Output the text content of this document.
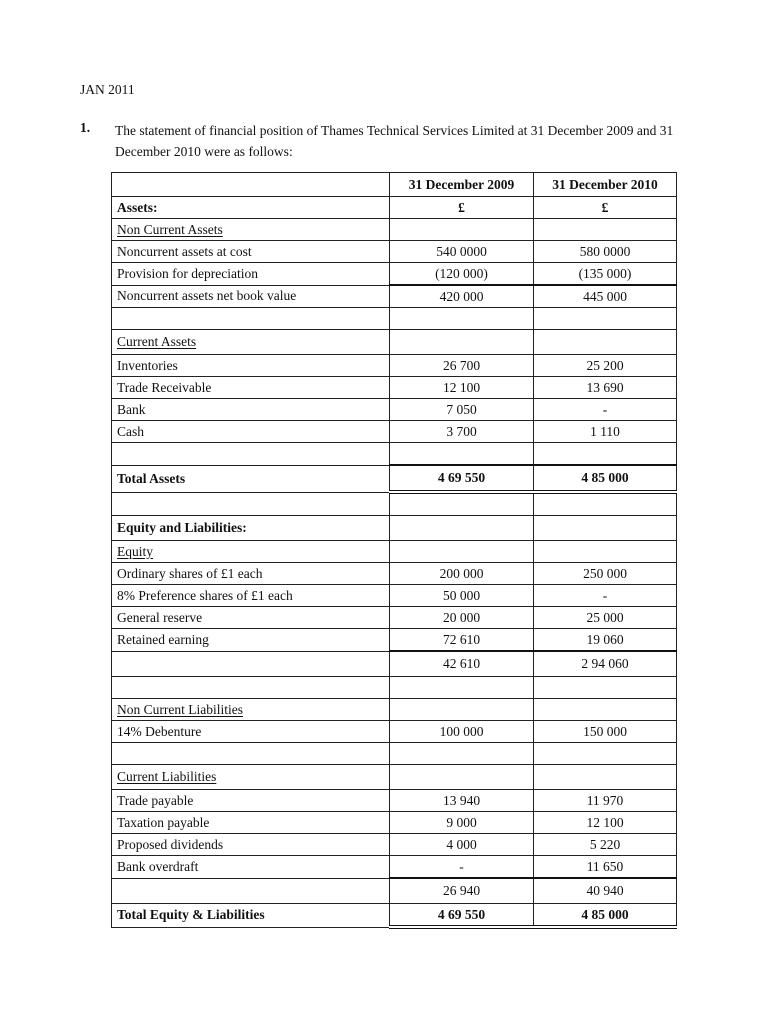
JAN 2011
1. The statement of financial position of Thames Technical Services Limited at 31 December 2009 and 31 December 2010 were as follows:
	31 December 2009	31 December 2010
Assets:	£	£
Non Current Assets		
Noncurrent assets at cost	540 0000	580 0000
Provision for depreciation	(120 000)	(135 000)
Noncurrent assets net book value	420 000	445 000

Current Assets		
Inventories	26 700	25 200
Trade Receivable	12 100	13 690
Bank	7 050	-
Cash	3 700	1 110

Total Assets	4 69 550	4 85 000

Equity and Liabilities:		
Equity		
Ordinary shares of £1 each	200 000	250 000
8% Preference shares of £1 each	50 000	-
General reserve	20 000	25 000
Retained earning	72 610	19 060
	42 610	2 94 060

Non Current Liabilities		
14% Debenture	100 000	150 000

Current Liabilities		
Trade payable	13 940	11 970
Taxation payable	9 000	12 100
Proposed dividends	4 000	5 220
Bank overdraft	-	11 650
	26 940	40 940
Total Equity & Liabilities	4 69 550	4 85 000
